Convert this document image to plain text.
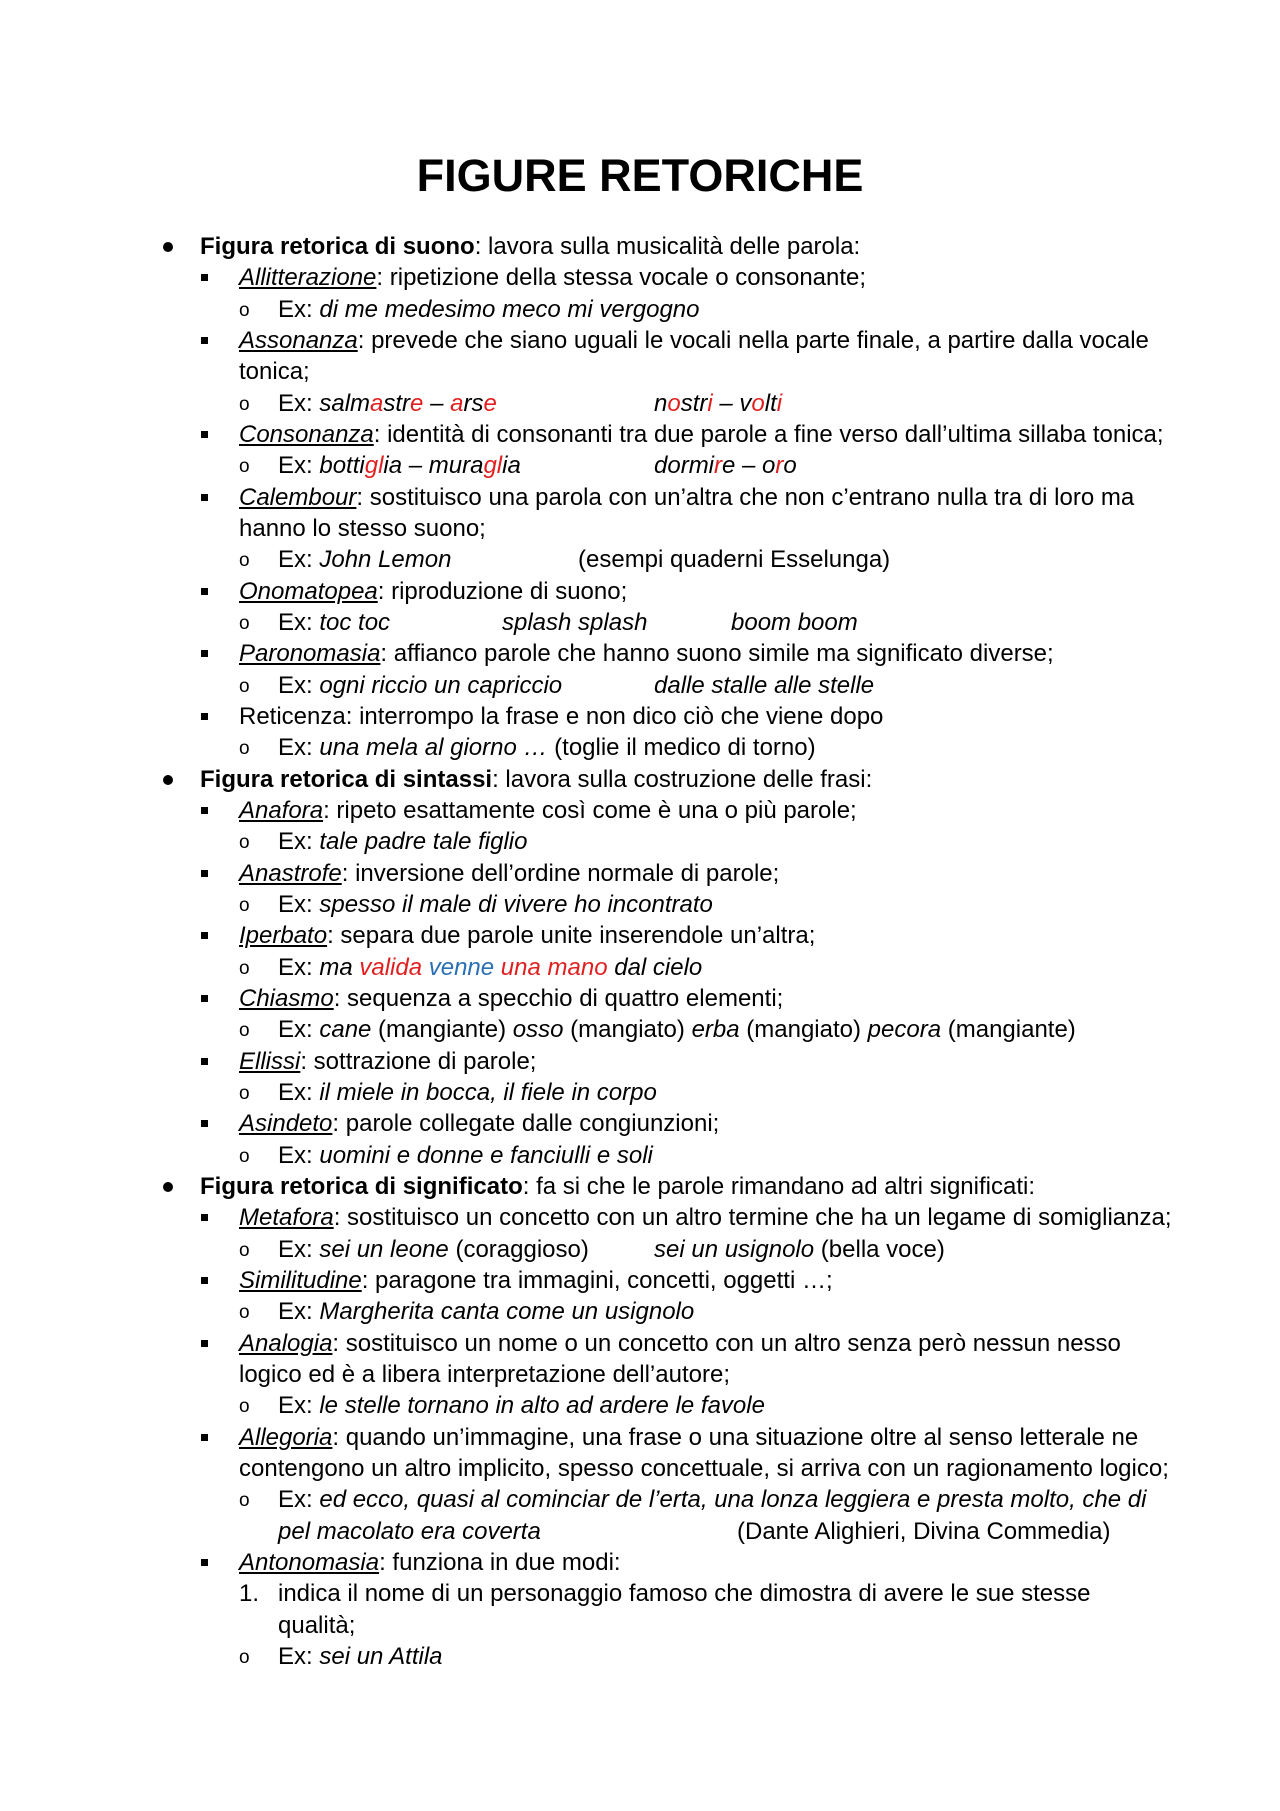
FIGURE RETORICHE
Figura retorica di suono: lavora sulla musicalità delle parola:
Allitterazione: ripetizione della stessa vocale o consonante;
o Ex: di me medesimo meco mi vergogno
Assonanza: prevede che siano uguali le vocali nella parte finale, a partire dalla vocale
tonica;
o Ex: salmastre – arse	nostri – volti
Consonanza: identità di consonanti tra due parole a fine verso dall’ultima sillaba tonica;
o Ex: bottiglia – muraglia	dormire – oro
Calembour: sostituisco una parola con un’altra che non c’entrano nulla tra di loro ma
hanno lo stesso suono;
o Ex: John Lemon	(esempi quaderni Esselunga)
Onomatopea: riproduzione di suono;
o Ex: toc toc	splash splash	boom boom
Paronomasia: affianco parole che hanno suono simile ma significato diverse;
o Ex: ogni riccio un capriccio	dalle stalle alle stelle
Reticenza: interrompo la frase e non dico ciò che viene dopo
o Ex: una mela al giorno … (toglie il medico di torno)
Figura retorica di sintassi: lavora sulla costruzione delle frasi:
Anafora: ripeto esattamente così come è una o più parole;
o Ex: tale padre tale figlio
Anastrofe: inversione dell’ordine normale di parole;
o Ex: spesso il male di vivere ho incontrato
Iperbato: separa due parole unite inserendole un’altra;
o Ex: ma valida venne una mano dal cielo
Chiasmo: sequenza a specchio di quattro elementi;
o Ex: cane (mangiante) osso (mangiato) erba (mangiato) pecora (mangiante)
Ellissi: sottrazione di parole;
o Ex: il miele in bocca, il fiele in corpo
Asindeto: parole collegate dalle congiunzioni;
o Ex: uomini e donne e fanciulli e soli
Figura retorica di significato: fa si che le parole rimandano ad altri significati:
Metafora: sostituisco un concetto con un altro termine che ha un legame di somiglianza;
o Ex: sei un leone (coraggioso)	sei un usignolo (bella voce)
Similitudine: paragone tra immagini, concetti, oggetti …;
o Ex: Margherita canta come un usignolo
Analogia: sostituisco un nome o un concetto con un altro senza però nessun nesso
logico ed è a libera interpretazione dell’autore;
o Ex: le stelle tornano in alto ad ardere le favole
Allegoria: quando un’immagine, una frase o una situazione oltre al senso letterale ne
contengono un altro implicito, spesso concettuale, si arriva con un ragionamento logico;
o Ex: ed ecco, quasi al cominciar de l’erta, una lonza leggiera e presta molto, che di
pel macolato era coverta	(Dante Alighieri, Divina Commedia)
Antonomasia: funziona in due modi:
1. indica il nome di un personaggio famoso che dimostra di avere le sue stesse
qualità;
o Ex: sei un Attila
